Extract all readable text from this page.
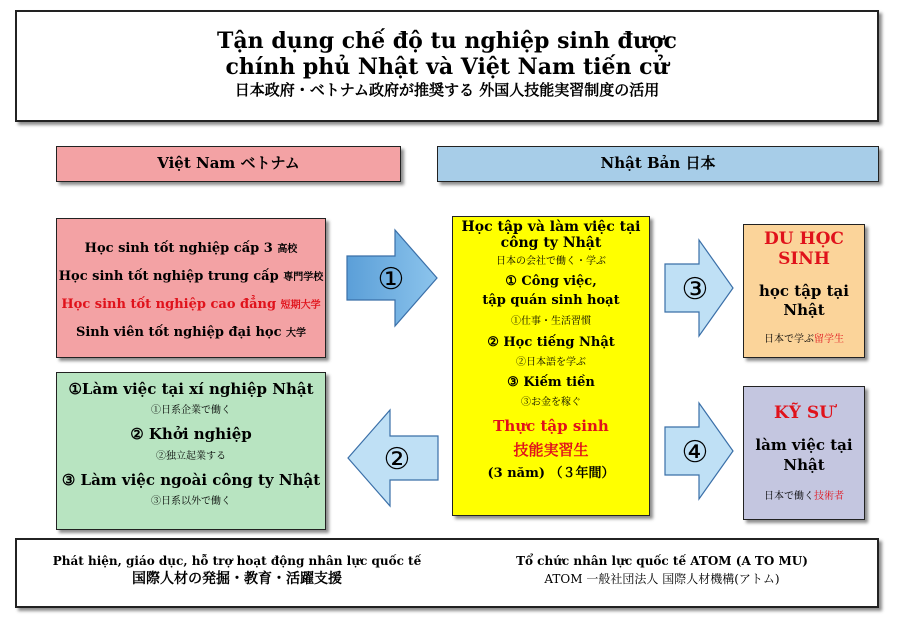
Tận dụng chế độ tu nghiệp sinh được
chính phủ Nhật và Việt Nam tiến cử
日本政府・ベトナム政府が推奨する 外国人技能実習制度の活用
Việt Nam ベトナム	Nhật Bản 日本
Học sinh tốt nghiệp cấp 3 高校
Học sinh tốt nghiệp trung cấp 専門学校
Học sinh tốt nghiệp cao đẳng 短期大学
Sinh viên tốt nghiệp đại học 大学
①Làm việc tại xí nghiệp Nhật
①日系企業で働く
② Khởi nghiệp
②独立起業する
③ Làm việc ngoài công ty Nhật
③日系以外で働く
Học tập và làm việc tại công ty Nhật
日本の会社で働く・学ぶ
① Công việc,
tập quán sinh hoạt
①仕事・生活習慣
② Học tiếng Nhật
②日本語を学ぶ
③ Kiếm tiền
③お金を稼ぐ
Thực tập sinh
技能実習生
(3 năm) （３年間）
DU HỌC SINH
học tập tại Nhật
日本で学ぶ留学生
KỸ SƯ
làm việc tại Nhật
日本で働く技術者
①
②
③
④
Phát hiện, giáo dục, hỗ trợ hoạt động nhân lực quốc tế
国際人材の発掘・教育・活躍支援
Tổ chức nhân lực quốc tế ATOM (A TO MU)
ATOM 一般社団法人 国際人材機構(アトム)
